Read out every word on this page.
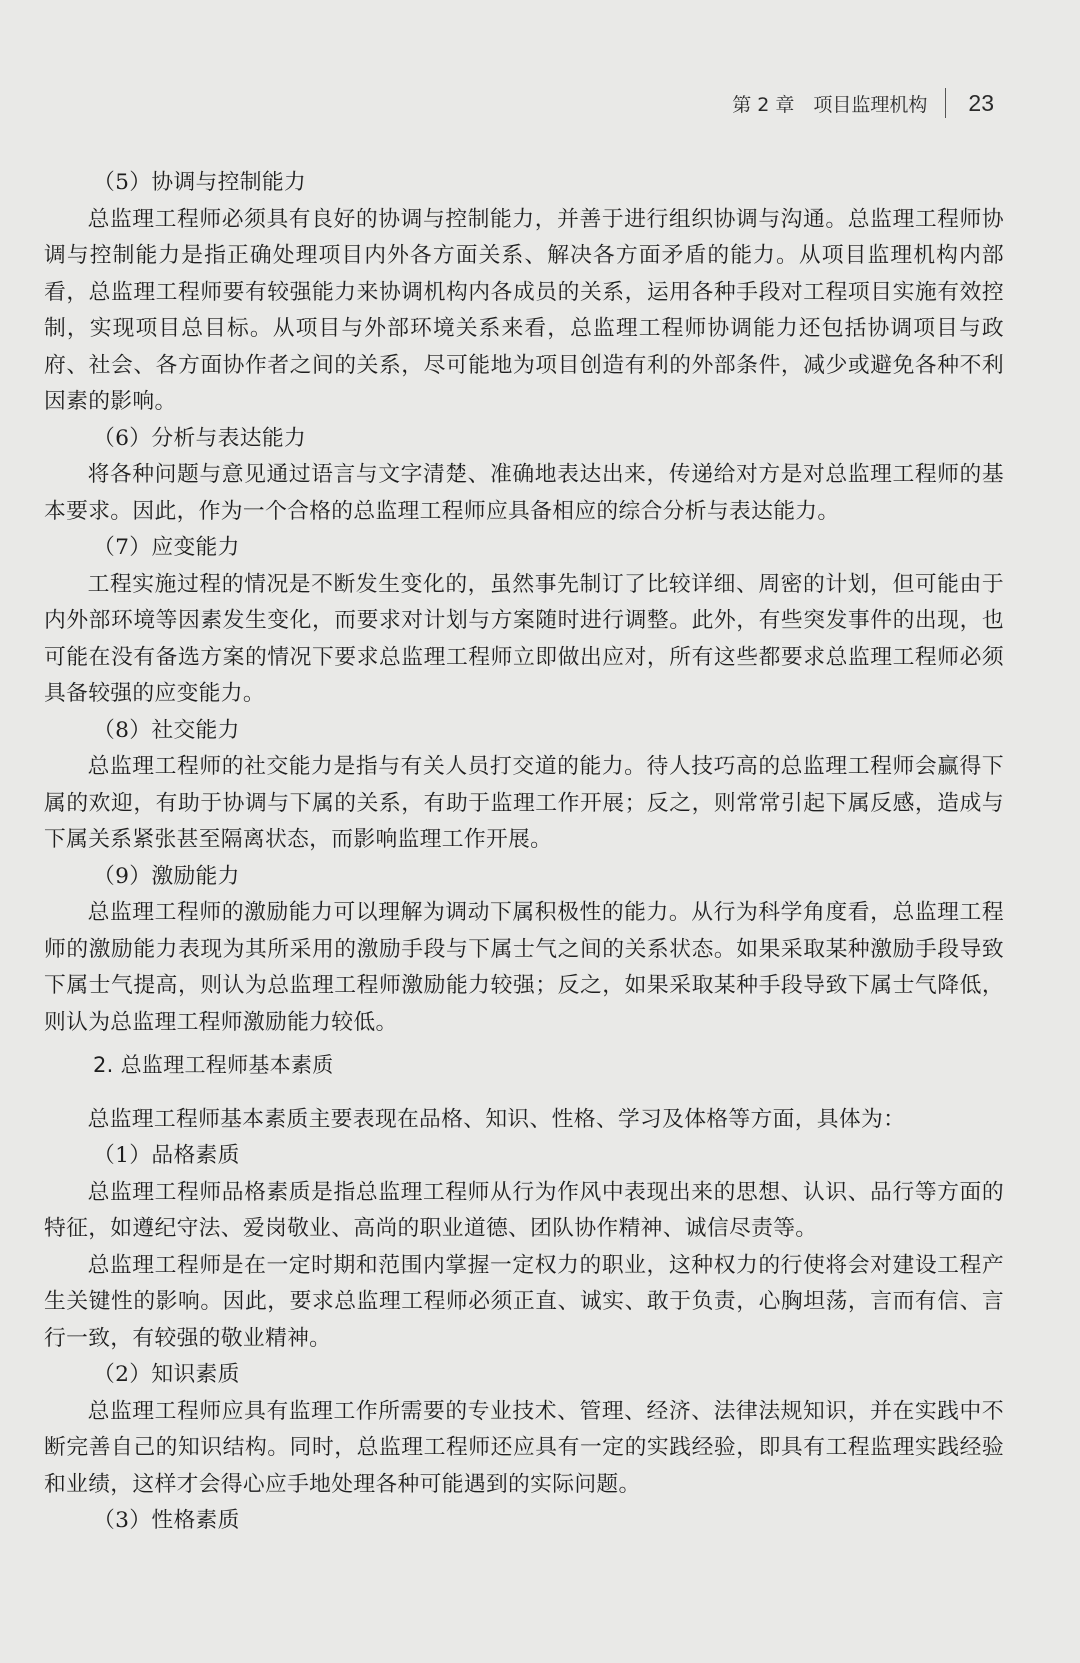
第 2 章　项目监理机构 23

（5）协调与控制能力

总监理工程师必须具有良好的协调与控制能力，并善于进行组织协调与沟通。总监理工程师协调与控制能力是指正确处理项目内外各方面关系、解决各方面矛盾的能力。从项目监理机构内部看，总监理工程师要有较强能力来协调机构内各成员的关系，运用各种手段对工程项目实施有效控制，实现项目总目标。从项目与外部环境关系来看，总监理工程师协调能力还包括协调项目与政府、社会、各方面协作者之间的关系，尽可能地为项目创造有利的外部条件，减少或避免各种不利因素的影响。

（6）分析与表达能力

将各种问题与意见通过语言与文字清楚、准确地表达出来，传递给对方是对总监理工程师的基本要求。因此，作为一个合格的总监理工程师应具备相应的综合分析与表达能力。

（7）应变能力

工程实施过程的情况是不断发生变化的，虽然事先制订了比较详细、周密的计划，但可能由于内外部环境等因素发生变化，而要求对计划与方案随时进行调整。此外，有些突发事件的出现，也可能在没有备选方案的情况下要求总监理工程师立即做出应对，所有这些都要求总监理工程师必须具备较强的应变能力。

（8）社交能力

总监理工程师的社交能力是指与有关人员打交道的能力。待人技巧高的总监理工程师会赢得下属的欢迎，有助于协调与下属的关系，有助于监理工作开展；反之，则常常引起下属反感，造成与下属关系紧张甚至隔离状态，而影响监理工作开展。

（9）激励能力

总监理工程师的激励能力可以理解为调动下属积极性的能力。从行为科学角度看，总监理工程师的激励能力表现为其所采用的激励手段与下属士气之间的关系状态。如果采取某种激励手段导致下属士气提高，则认为总监理工程师激励能力较强；反之，如果采取某种手段导致下属士气降低，则认为总监理工程师激励能力较低。

2. 总监理工程师基本素质

总监理工程师基本素质主要表现在品格、知识、性格、学习及体格等方面，具体为：

（1）品格素质

总监理工程师品格素质是指总监理工程师从行为作风中表现出来的思想、认识、品行等方面的特征，如遵纪守法、爱岗敬业、高尚的职业道德、团队协作精神、诚信尽责等。

总监理工程师是在一定时期和范围内掌握一定权力的职业，这种权力的行使将会对建设工程产生关键性的影响。因此，要求总监理工程师必须正直、诚实、敢于负责，心胸坦荡，言而有信、言行一致，有较强的敬业精神。

（2）知识素质

总监理工程师应具有监理工作所需要的专业技术、管理、经济、法律法规知识，并在实践中不断完善自己的知识结构。同时，总监理工程师还应具有一定的实践经验，即具有工程监理实践经验和业绩，这样才会得心应手地处理各种可能遇到的实际问题。

（3）性格素质
